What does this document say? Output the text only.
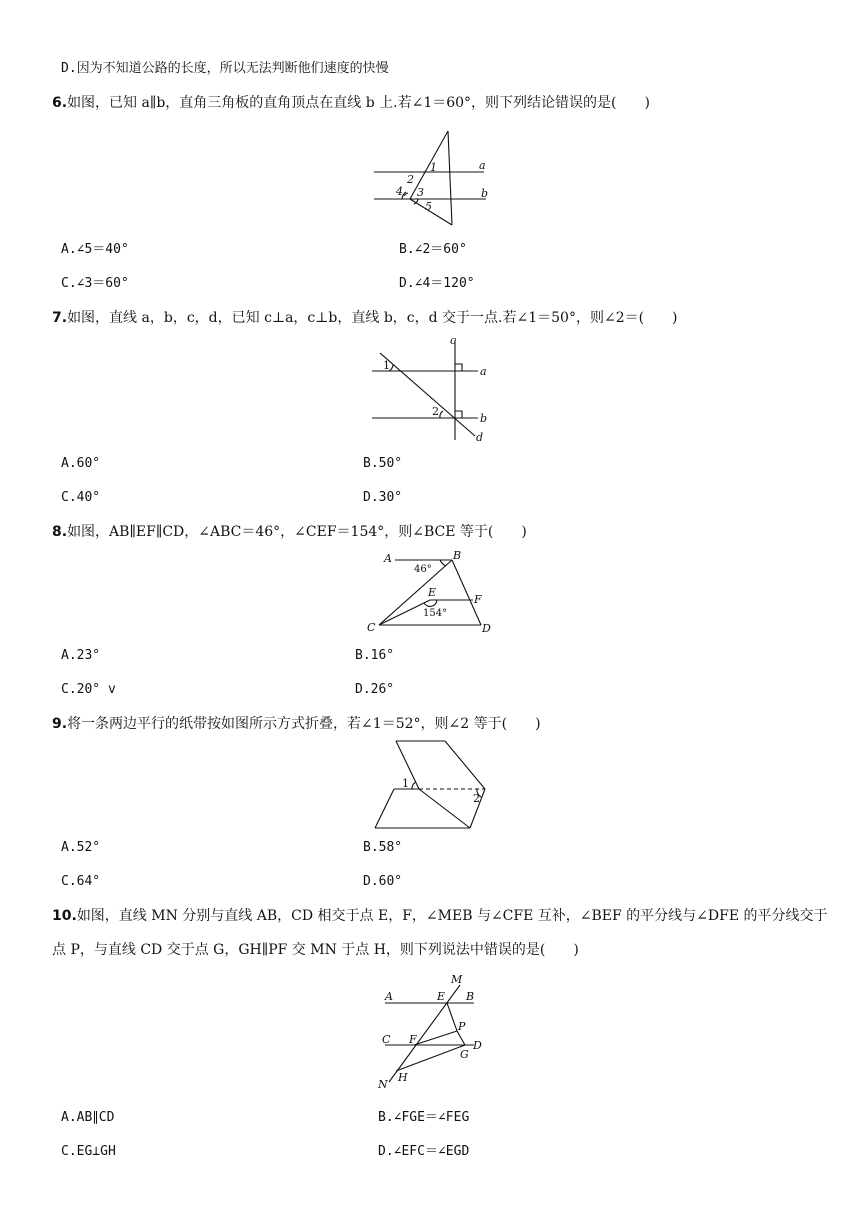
D.因为不知道公路的长度，所以无法判断他们速度的快慢
6.如图，已知 a∥b，直角三角板的直角顶点在直线 b 上.若∠1＝60°，则下列结论错误的是(　　)
a
b
1
2
3
4
5
A.∠5＝40°	B.∠2＝60°
C.∠3＝60°	D.∠4＝120°
7.如图，直线 a，b，c，d，已知 c⊥a，c⊥b，直线 b，c，d 交于一点.若∠1＝50°，则∠2＝(　　)
c
a
b
d
1
2
A.60°	B.50°
C.40°	D.30°
8.如图，AB∥EF∥CD，∠ABC＝46°，∠CEF＝154°，则∠BCE 等于(　　)
A	B
C	D
E
F
46°
154°
A.23°	B.16°
C.20° v	D.26°
9.将一条两边平行的纸带按如图所示方式折叠，若∠1＝52°，则∠2 等于(　　)
1
2
A.52°	B.58°
C.64°	D.60°
10.如图，直线 MN 分别与直线 AB，CD 相交于点 E，F，∠MEB 与∠CFE 互补，∠BEF 的平分线与∠DFE 的平分线交于
点 P，与直线 CD 交于点 G，GH∥PF 交 MN 于点 H，则下列说法中错误的是(　　)
M
A	E B
P
C F	D
G
H
N
A.AB∥CD	B.∠FGE＝∠FEG
C.EG⊥GH	D.∠EFC＝∠EGD
